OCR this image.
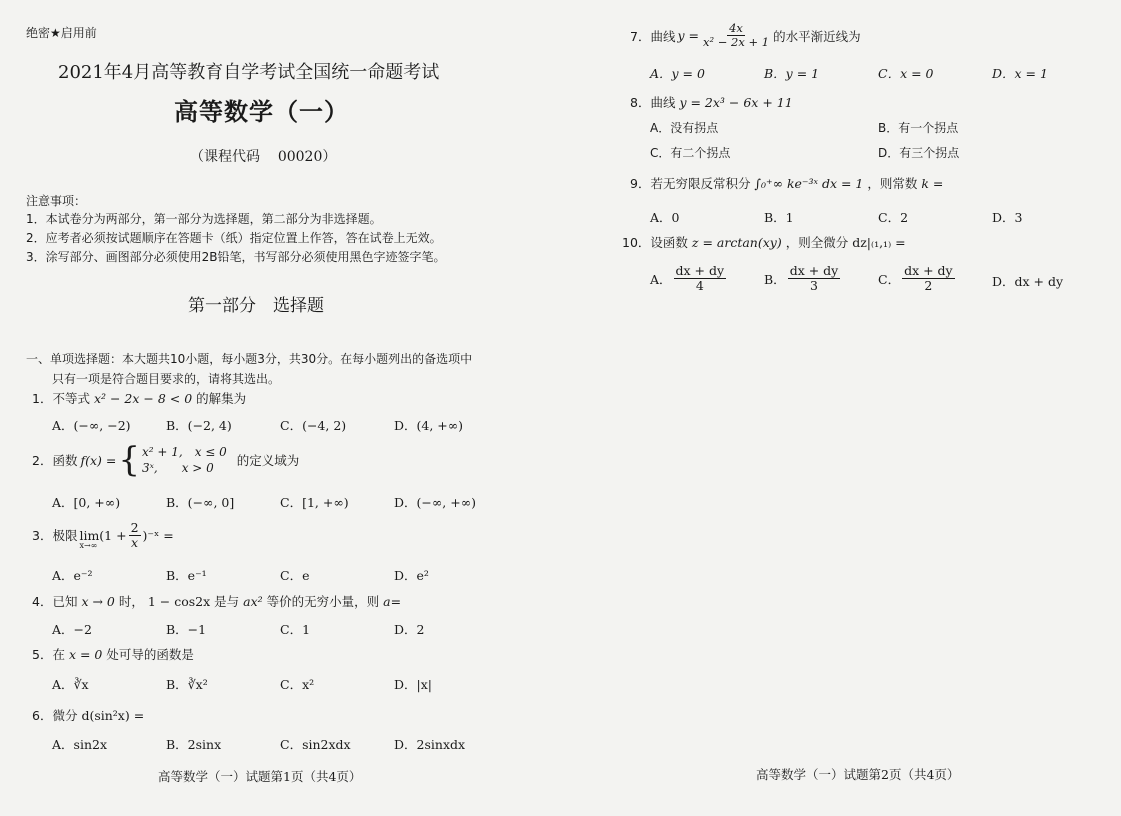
绝密★启用前
2021年4月高等教育自学考试全国统一命题考试
高等数学（一）
（课程代码 00020）
注意事项：
1．本试卷分为两部分，第一部分为选择题，第二部分为非选择题。
2．应考者必须按试题顺序在答题卡（纸）指定位置上作答，答在试卷上无效。
3．涂写部分、画图部分必须使用2B铅笔，书写部分必须使用黑色字迹签字笔。
第一部分　选择题
一、单项选择题：本大题共10小题，每小题3分，共30分。在每小题列出的备选项中
只有一项是符合题目要求的，请将其选出。
1．不等式 x² − 2x − 8 < 0 的解集为
A．(−∞, −2)	B．(−2, 4)	C．(−4, 2)	D．(4, +∞)
2．函数 f(x) = { x² + 1,　x ≤ 0
3ˣ,　　x > 0	的定义域为
A．[0, +∞)	B．(−∞, 0]	C．[1, +∞)	D．(−∞, +∞)
3．极限 $\lim(1 + \frac{2}{x}$ )⁻ˣ =
x→∞
A．e⁻²	B．e⁻¹	C．e	D．e²
4．已知 x → 0 时， 1 − cos2x 是与 ax² 等价的无穷小量，则 a=
A．−2	B．−1	C．1	D．2
5．在 x = 0 处可导的函数是
A．∛x	B．∛x²	C．x²	D．|x|
6．微分 d(sin²x) =
A．sin2x	B．2sinx	C．sin2xdx	D．2sinxdx
高等数学（一）试题第1页（共4页）
7．曲线 $y = \frac{4x}{\text{x² − 2x + 1}}$ 的水平渐近线为
A．y = 0	B．y = 1	C．x = 0	D．x = 1
8．曲线 y = 2x³ − 6x + 11
A．没有拐点	B．有一个拐点
C．有二个拐点	D．有三个拐点
9．若无穷限反常积分 ∫₀⁺∞ ke⁻³ˣ dx = 1 ，则常数 k =
A．0	B．1	C．2	D．3
10．设函数 z = arctan(xy) ，则全微分 dz|₍₁,₁₎ =
A． $\frac{dx + dy}{4}$	B． $\frac{dx + dy}{3}$	C． $\frac{dx + dy}{2}$	D．dx + dy
高等数学（一）试题第2页（共4页）
